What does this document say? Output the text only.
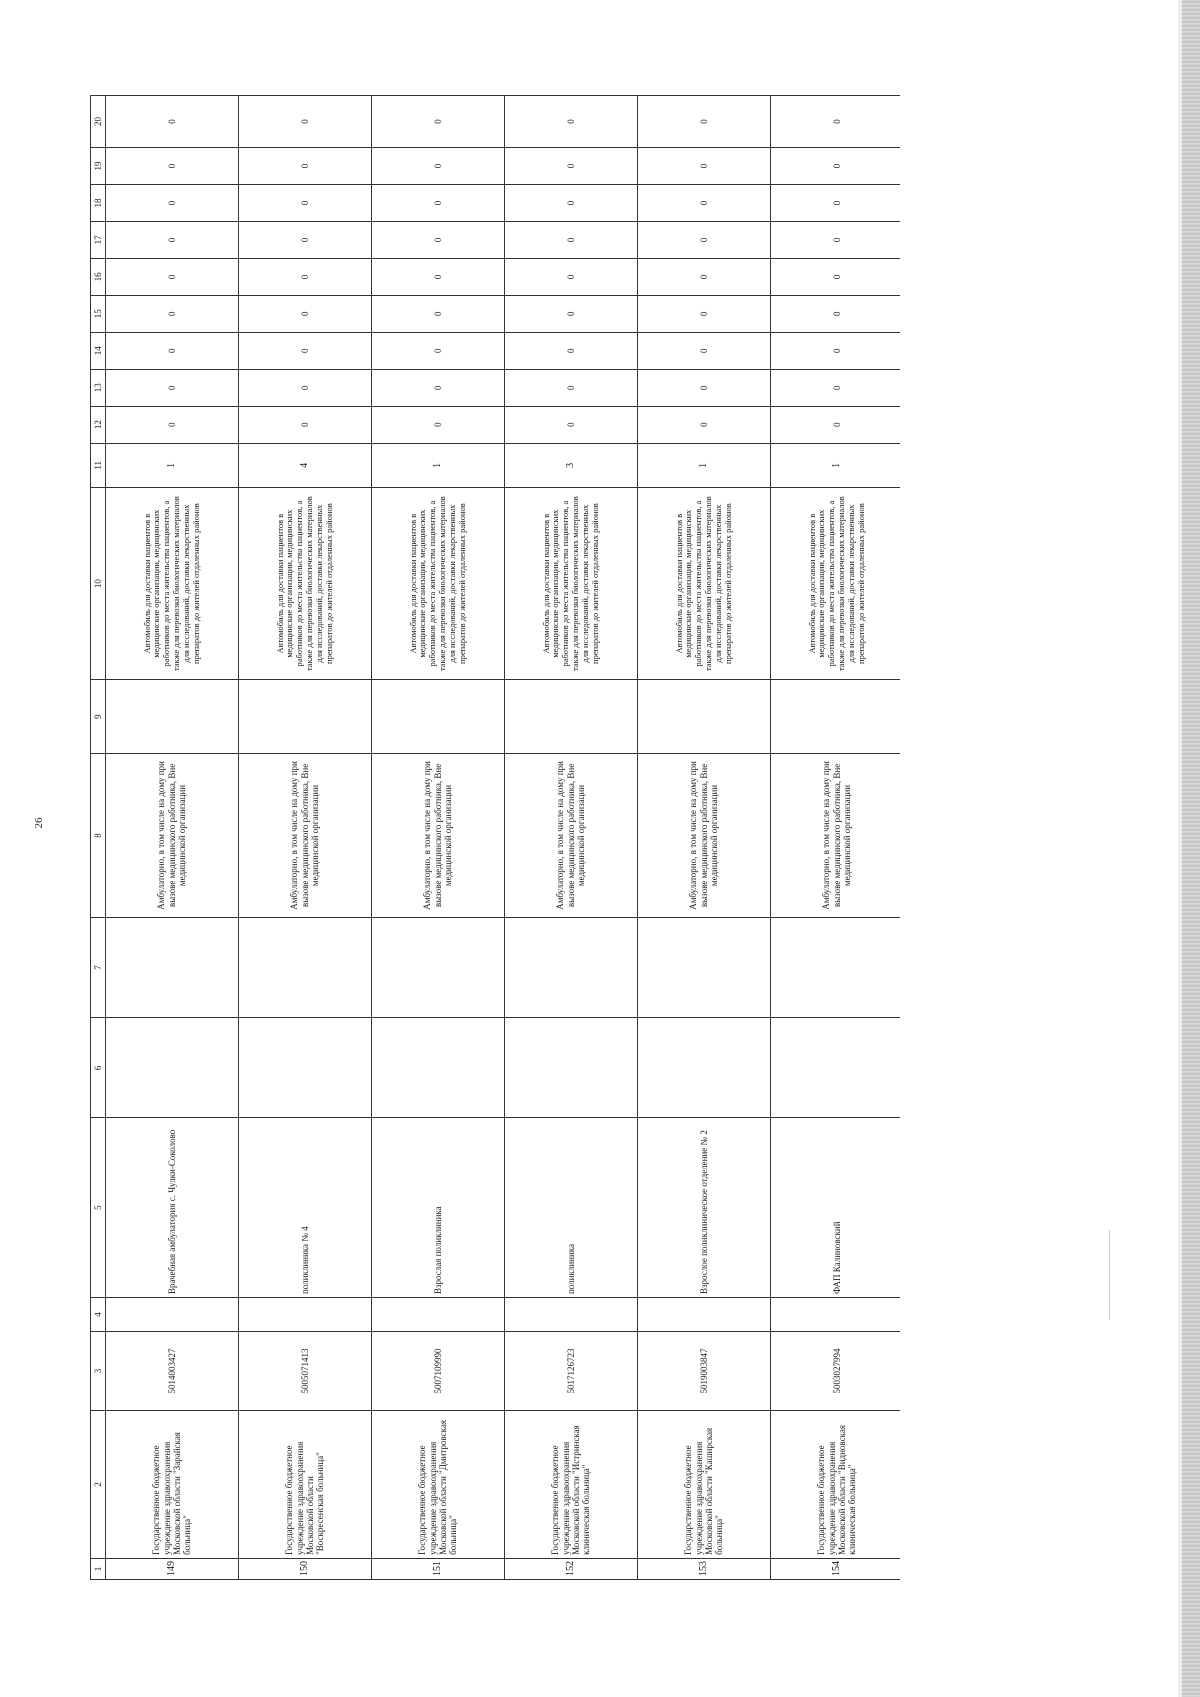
26
1	2	3	4	5	6	7	8	9	10	11	12	13	14	15	16	17	18	19	20
149	Государственное бюджетное учреждение здравоохранения Московской области "Зарайская больница"	5014003427		Врачебная амбулатория с. Чулки-Соколово			Амбулаторно, в том числе на дому при вызове медицинского работника, Вне медицинской организации		Автомобиль для доставки пациентов в медицинские организации, медицинских работников до места жительства пациентов, а также для перевозки биологических материалов для исследований, доставки лекарственных препаратов до жителей отдаленных районов	1	0	0	0	0	0	0	0	0	0
150	Государственное бюджетное учреждение здравоохранения Московской области "Воскресенская больница"	5005071413		поликлиника № 4			Амбулаторно, в том числе на дому при вызове медицинского работника, Вне медицинской организации		Автомобиль для доставки пациентов в медицинские организации, медицинских работников до места жительства пациентов, а также для перевозки биологических материалов для исследований, доставки лекарственных препаратов до жителей отдаленных районов	4	0	0	0	0	0	0	0	0	0
151	Государственное бюджетное учреждение здравоохранения Московской области "Дмитровская больница"	5007109990		Взрослая поликлиника			Амбулаторно, в том числе на дому при вызове медицинского работника, Вне медицинской организации		Автомобиль для доставки пациентов в медицинские организации, медицинских работников до места жительства пациентов, а также для перевозки биологических материалов для исследований, доставки лекарственных препаратов до жителей отдаленных районов	1	0	0	0	0	0	0	0	0	0
152	Государственное бюджетное учреждение здравоохранения Московской области "Истринская клиническая больница"	5017126723		поликлиника			Амбулаторно, в том числе на дому при вызове медицинского работника, Вне медицинской организации		Автомобиль для доставки пациентов в медицинские организации, медицинских работников до места жительства пациентов, а также для перевозки биологических материалов для исследований, доставки лекарственных препаратов до жителей отдаленных районов	3	0	0	0	0	0	0	0	0	0
153	Государственное бюджетное учреждение здравоохранения Московской области "Каширская больница"	5019003847		Взрослое поликлиническое отделение № 2			Амбулаторно, в том числе на дому при вызове медицинского работника, Вне медицинской организации		Автомобиль для доставки пациентов в медицинские организации, медицинских работников до места жительства пациентов, а также для перевозки биологических материалов для исследований, доставки лекарственных препаратов до жителей отдаленных районов	1	0	0	0	0	0	0	0	0	0
154	Государственное бюджетное учреждение здравоохранения Московской области "Видновская клиническая больница"	5003027994		ФАП Калиновский			Амбулаторно, в том числе на дому при вызове медицинского работника, Вне медицинской организации		Автомобиль для доставки пациентов в медицинские организации, медицинских работников до места жительства пациентов, а также для перевозки биологических материалов для исследований, доставки лекарственных препаратов до жителей отдаленных районов	1	0	0	0	0	0	0	0	0	0
